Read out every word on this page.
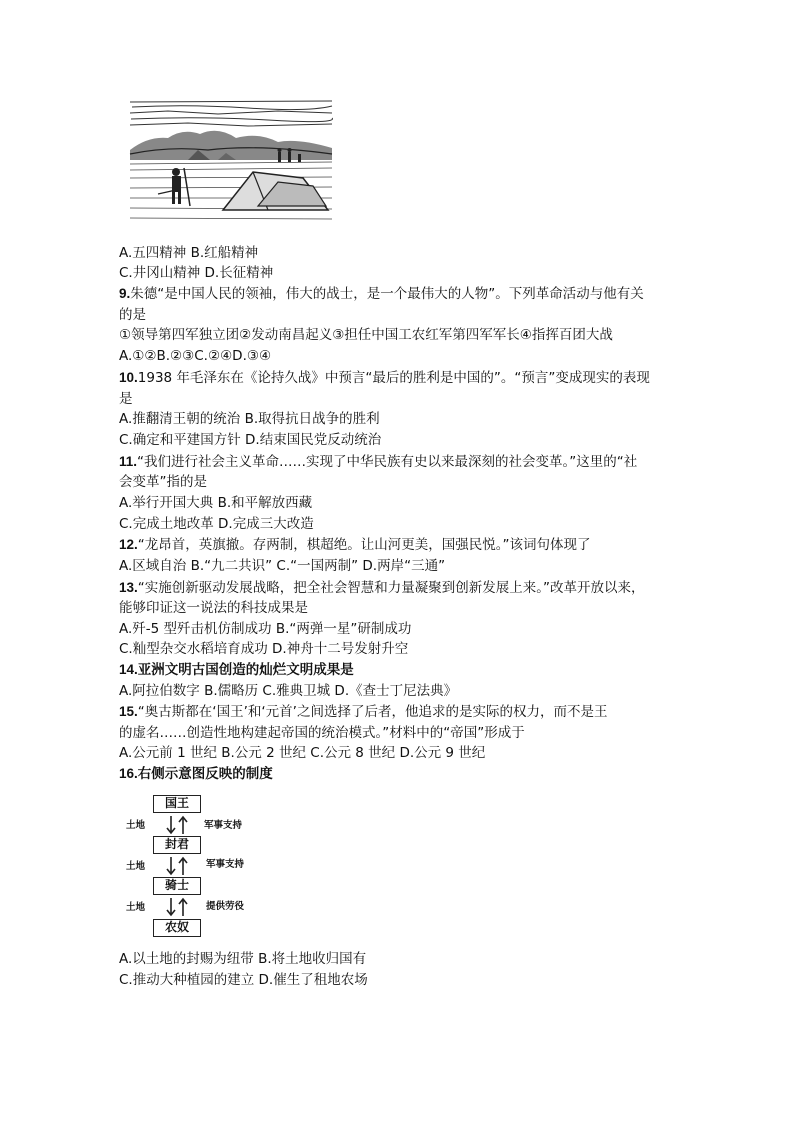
A.五四精神 B.红船精神
C.井冈山精神 D.长征精神
9.朱德“是中国人民的领袖，伟大的战士，是一个最伟大的人物”。下列革命活动与他有关
的是
①领导第四军独立团②发动南昌起义③担任中国工农红军第四军军长④指挥百团大战
A.①②B.②③C.②④D.③④
10.1938 年毛泽东在《论持久战》中预言“最后的胜利是中国的”。“预言”变成现实的表现
是
A.推翻清王朝的统治 B.取得抗日战争的胜利
C.确定和平建国方针 D.结束国民党反动统治
11.“我们进行社会主义革命……实现了中华民族有史以来最深刻的社会变革。”这里的“社
会变革”指的是
A.举行开国大典 B.和平解放西藏
C.完成土地改革 D.完成三大改造
12.“龙昂首，英旗撤。存两制，棋超绝。让山河更美，国强民悦。”该词句体现了
A.区域自治 B.“九二共识” C.“一国两制” D.两岸“三通”
13.“实施创新驱动发展战略，把全社会智慧和力量凝聚到创新发展上来。”改革开放以来，
能够印证这一说法的科技成果是
A.歼-5 型歼击机仿制成功 B.“两弹一星”研制成功
C.籼型杂交水稻培育成功 D.神舟十二号发射升空
14.亚洲文明古国创造的灿烂文明成果是
A.阿拉伯数字 B.儒略历 C.雅典卫城 D.《查士丁尼法典》
15.“奥古斯都在‘国王’和‘元首’之间选择了后者，他追求的是实际的权力，而不是王
的虚名……创造性地构建起帝国的统治模式。”材料中的“帝国”形成于
A.公元前 1 世纪 B.公元 2 世纪 C.公元 8 世纪 D.公元 9 世纪
16.右侧示意图反映的制度
国王
封君
骑士
农奴
土地
土地
土地
军事支持
军事支持
提供劳役
A.以土地的封赐为纽带 B.将土地收归国有
C.推动大种植园的建立 D.催生了租地农场
